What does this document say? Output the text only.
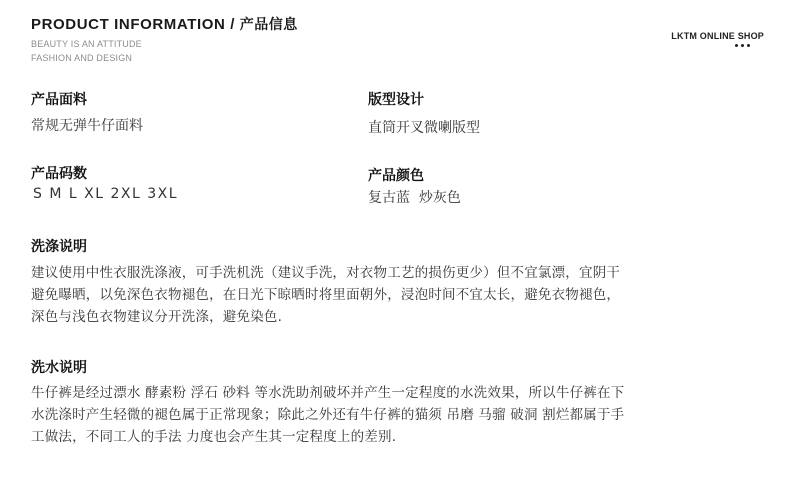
PRODUCT INFORMATION / 产品信息
BEAUTY IS AN ATTITUDE
FASHION AND DESIGN
LKTM ONLINE SHOP
产品面料
常规无弹牛仔面料
版型设计
直筒开叉微喇版型
产品码数
S M L XL 2XL 3XL
产品颜色
复古蓝  炒灰色
洗涤说明
建议使用中性衣服洗涤液，可手洗机洗（建议手洗，对衣物工艺的损伤更少）但不宜氯漂，宜阴干
避免曝晒，以免深色衣物褪色，在日光下晾晒时将里面朝外，浸泡时间不宜太长，避免衣物褪色，
深色与浅色衣物建议分开洗涤，避免染色.
洗水说明
牛仔裤是经过漂水 酵素粉 浮石 砂料 等水洗助剂破坏并产生一定程度的水洗效果，所以牛仔裤在下
水洗涤时产生轻微的褪色属于正常现象；除此之外还有牛仔裤的猫须 吊磨 马骝 破洞 割烂都属于手
工做法，不同工人的手法 力度也会产生其一定程度上的差别.
